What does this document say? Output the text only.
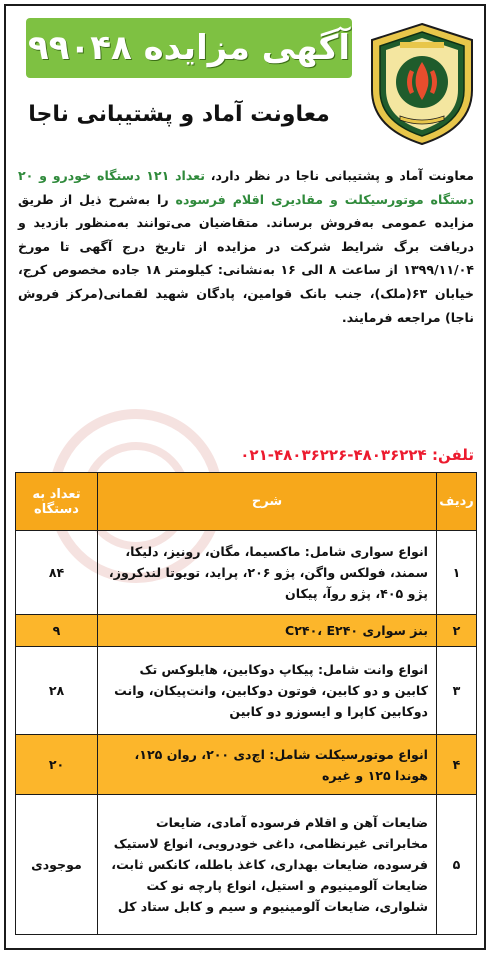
آگهی مزایده ۹۹۰۴۸
معاونت آماد و پشتیبانی ناجا
معاونت آماد و پشتیبانی ناجا در نظر دارد، تعداد ۱۲۱ دستگاه خودرو و ۲۰ دستگاه موتورسیکلت و مقادیری اقلام فرسوده را به‌شرح ذیل از طریق مزایده عمومی به‌فروش برساند. متقاضیان می‌توانند به‌منظور بازدید و دریافت برگ شرایط شرکت در مزایده از تاریخ درج آگهی تا مورخ ۱۳۹۹/۱۱/۰۴ از ساعت ۸ الی ۱۶ به‌نشانی: کیلومتر ۱۸ جاده مخصوص کرج، خیابان ۶۳(ملک)، جنب بانک قوامین، پادگان شهید لقمانی(مرکز فروش ناجا) مراجعه فرمایند.
تلفن: ۴۸۰۳۶۲۲۴-۴۸۰۳۶۲۲۶-۰۲۱
ردیف	شرح	تعداد به دستگاه
۱	انواع سواری شامل: ماکسیما، مگان، رونیز، دلیکا، سمند، فولکس واگن، پژو ۲۰۶، پراید، تویوتا لندکروز، پژو ۴۰۵، پژو روآ، پیکان	۸۴
۲	بنز سواری C۲۴۰، E۲۴۰	۹
۳	انواع وانت شامل: پیکاپ دوکابین، هایلوکس تک کابین و دو کابین، فوتون دوکابین، وانت‌پیکان، وانت دوکابین کاپرا و ایسوزو دو کابین	۲۸
۴	انواع موتورسیکلت شامل: اچ‌دی ۲۰۰، روان ۱۲۵، هوندا ۱۲۵ و غیره	۲۰
۵	ضایعات آهن و اقلام فرسوده آمادی، ضایعات مخابراتی غیرنظامی، داغی خودرویی، انواع لاستیک فرسوده، ضایعات بهداری، کاغذ باطله، کانکس ثابت، ضایعات آلومینیوم و استیل، انواع پارچه نو کت شلواری، ضایعات آلومینیوم و سیم و کابل ستاد کل	موجودی
